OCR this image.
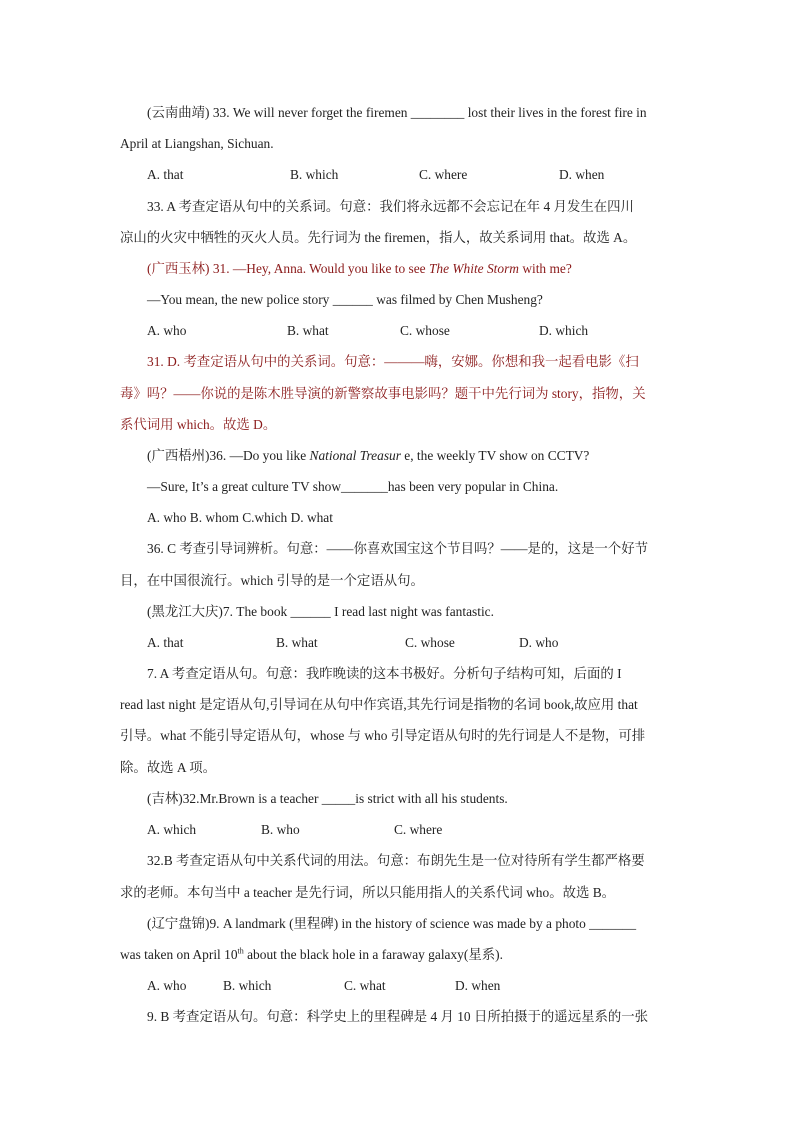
(云南曲靖) 33. We will never forget the firemen ________ lost their lives in the forest fire in
April at Liangshan, Sichuan.
A. that	B. which	C. where	D. when
33. A 考查定语从句中的关系词。句意：我们将永远都不会忘记在年 4 月发生在四川
凉山的火灾中牺牲的灭火人员。先行词为 the firemen，指人，故关系词用 that。故选 A。
(广西玉林) 31. —Hey, Anna. Would you like to see The White Storm with me?
—You mean, the new police story ______ was filmed by Chen Musheng?
A. who	B. what	C. whose	D. which
31. D. 考查定语从句中的关系词。句意：———嗨，安娜。你想和我一起看电影《扫
毒》吗？——你说的是陈木胜导演的新警察故事电影吗？题干中先行词为 story，指物，关
系代词用 which。故选 D。
(广西梧州)36. —Do you like National Treasur e, the weekly TV show on CCTV?
—Sure, It’s a great culture TV show_______has been very popular in China.
A. who B. whom C.which D. what
36. C 考查引导词辨析。句意：——你喜欢国宝这个节目吗？——是的，这是一个好节
目，在中国很流行。which 引导的是一个定语从句。
(黑龙江大庆)7. The book ______ I read last night was fantastic.
A. that	B. what	C. whose	D. who
7. A 考查定语从句。句意：我昨晚读的这本书极好。分析句子结构可知，后面的 I
read last night 是定语从句,引导词在从句中作宾语,其先行词是指物的名词 book,故应用 that
引导。what 不能引导定语从句，whose 与 who 引导定语从句时的先行词是人不是物，可排
除。故选 A 项。
(吉林)32.Mr.Brown is a teacher _____is strict with all his students.
A. which	B. who	C. where
32.B 考查定语从句中关系代词的用法。句意：布朗先生是一位对待所有学生都严格要
求的老师。本句当中 a teacher 是先行词，所以只能用指人的关系代词 who。故选 B。
(辽宁盘锦)9. A landmark (里程碑) in the history of science was made by a photo _______
was taken on April 10th about the black hole in a faraway galaxy(星系).
A. who	B. which	C. what	D. when
9. B 考查定语从句。句意：科学史上的里程碑是 4 月 10 日所拍摄于的遥远星系的一张
